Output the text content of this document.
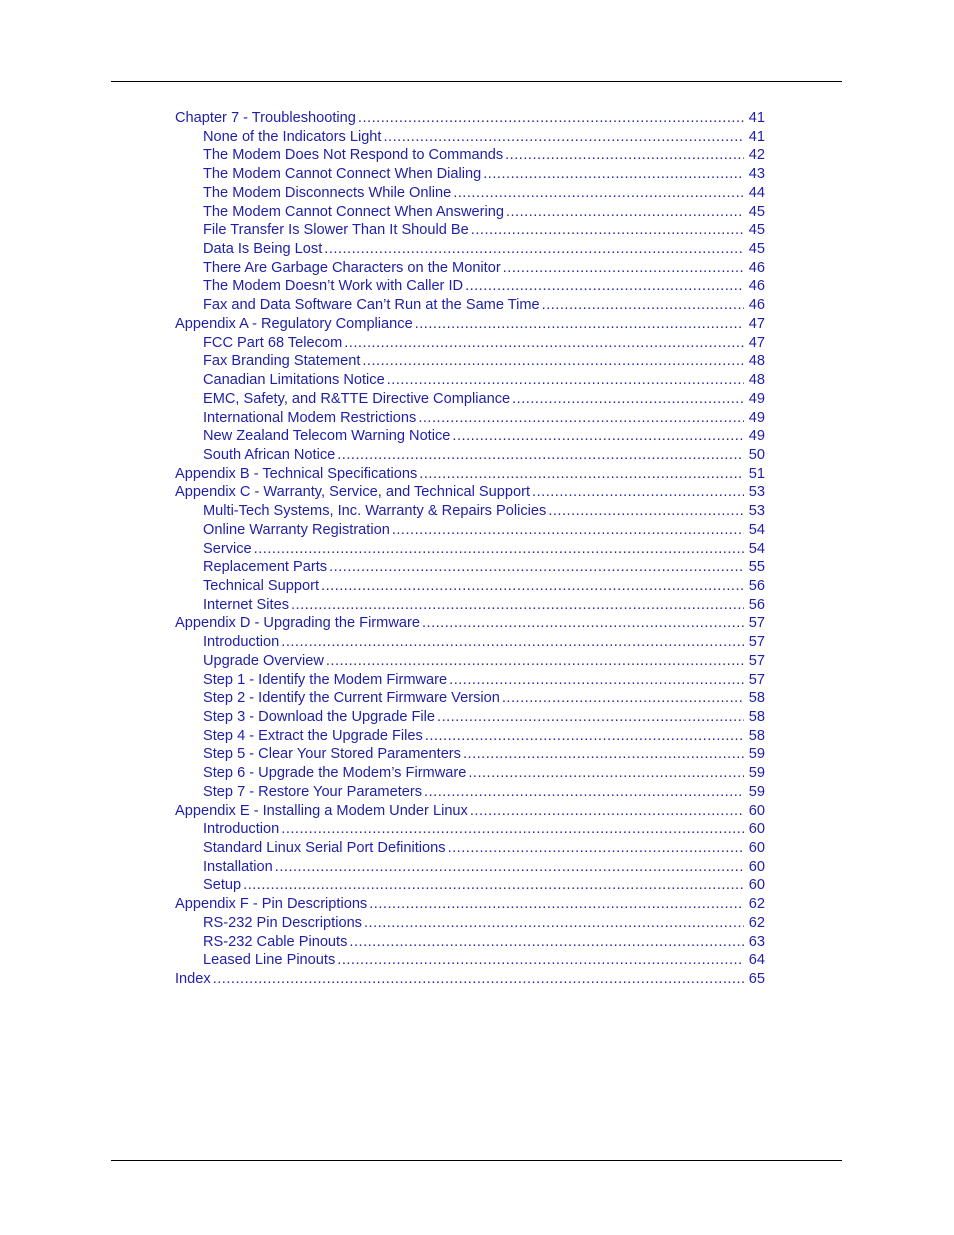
Chapter 7 - Troubleshooting .....	41
None of the Indicators Light .....	41
The Modem Does Not Respond to Commands .....	42
The Modem Cannot Connect When Dialing .....	43
The Modem Disconnects While Online .....	44
The Modem Cannot Connect When Answering .....	45
File Transfer Is Slower Than It Should Be .....	45
Data Is Being Lost .....	45
There Are Garbage Characters on the Monitor .....	46
The Modem Doesn’t Work with Caller ID .....	46
Fax and Data Software Can’t Run at the Same Time .....	46
Appendix A - Regulatory Compliance .....	47
FCC Part 68 Telecom .....	47
Fax Branding Statement .....	48
Canadian Limitations Notice .....	48
EMC, Safety, and R&TTE Directive Compliance .....	49
International Modem Restrictions .....	49
New Zealand Telecom Warning Notice .....	49
South African Notice .....	50
Appendix B - Technical Specifications .....	51
Appendix C - Warranty, Service, and Technical Support .....	53
Multi-Tech Systems, Inc. Warranty & Repairs Policies .....	53
Online Warranty Registration .....	54
Service .....	54
Replacement Parts .....	55
Technical Support .....	56
Internet Sites .....	56
Appendix D - Upgrading the Firmware .....	57
Introduction .....	57
Upgrade Overview .....	57
Step 1 - Identify the Modem Firmware .....	57
Step 2 - Identify the Current Firmware Version .....	58
Step 3 - Download the Upgrade File .....	58
Step 4 - Extract the Upgrade Files .....	58
Step 5 - Clear Your Stored Paramenters .....	59
Step 6 - Upgrade the Modem’s Firmware .....	59
Step 7 - Restore Your Parameters .....	59
Appendix E - Installing a Modem Under Linux .....	60
Introduction .....	60
Standard Linux Serial Port Definitions .....	60
Installation .....	60
Setup .....	60
Appendix F - Pin Descriptions .....	62
RS-232 Pin Descriptions .....	62
RS-232 Cable Pinouts .....	63
Leased Line Pinouts .....	64
Index .....	65
